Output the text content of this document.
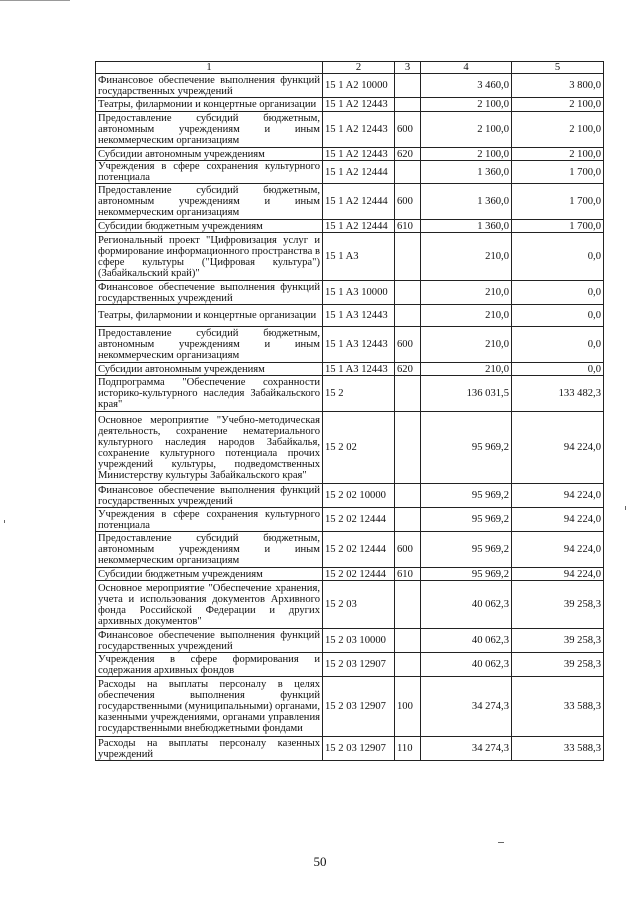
1	2	3	4	5
Финансовое обеспечение выполнения функций государственных учреждений	15 1 A2 10000		3 460,0	3 800,0
Театры, филармонии и концертные организации	15 1 A2 12443		2 100,0	2 100,0
Предоставление субсидий бюджетным, автономным учреждениям и иным некоммерческим организациям	15 1 A2 12443	600	2 100,0	2 100,0
Субсидии автономным учреждениям	15 1 A2 12443	620	2 100,0	2 100,0
Учреждения в сфере сохранения культурного потенциала	15 1 A2 12444		1 360,0	1 700,0
Предоставление субсидий бюджетным, автономным учреждениям и иным некоммерческим организациям	15 1 A2 12444	600	1 360,0	1 700,0
Субсидии бюджетным учреждениям	15 1 A2 12444	610	1 360,0	1 700,0
Региональный проект "Цифровизация услуг и формирование информационного пространства в сфере культуры ("Цифровая культура") (Забайкальский край)"	15 1 A3		210,0	0,0
Финансовое обеспечение выполнения функций государственных учреждений	15 1 A3 10000		210,0	0,0
Театры, филармонии и концертные организации	15 1 A3 12443		210,0	0,0
Предоставление субсидий бюджетным, автономным учреждениям и иным некоммерческим организациям	15 1 A3 12443	600	210,0	0,0
Субсидии автономным учреждениям	15 1 A3 12443	620	210,0	0,0
Подпрограмма "Обеспечение сохранности историко-культурного наследия Забайкальского края"	15 2		136 031,5	133 482,3
Основное мероприятие "Учебно-методическая деятельность, сохранение нематериального культурного наследия народов Забайкалья, сохранение культурного потенциала прочих учреждений культуры, подведомственных Министерству культуры Забайкальского края"	15 2 02		95 969,2	94 224,0
Финансовое обеспечение выполнения функций государственных учреждений	15 2 02 10000		95 969,2	94 224,0
Учреждения в сфере сохранения культурного потенциала	15 2 02 12444		95 969,2	94 224,0
Предоставление субсидий бюджетным, автономным учреждениям и иным некоммерческим организациям	15 2 02 12444	600	95 969,2	94 224,0
Субсидии бюджетным учреждениям	15 2 02 12444	610	95 969,2	94 224,0
Основное мероприятие "Обеспечение хранения, учета и использования документов Архивного фонда Российской Федерации и других архивных документов"	15 2 03		40 062,3	39 258,3
Финансовое обеспечение выполнения функций государственных учреждений	15 2 03 10000		40 062,3	39 258,3
Учреждения в сфере формирования и содержания архивных фондов	15 2 03 12907		40 062,3	39 258,3
Расходы на выплаты персоналу в целях обеспечения выполнения функций государственными (муниципальными) органами, казенными учреждениями, органами управления государственными внебюджетными фондами	15 2 03 12907	100	34 274,3	33 588,3
Расходы на выплаты персоналу казенных учреждений	15 2 03 12907	110	34 274,3	33 588,3
50
